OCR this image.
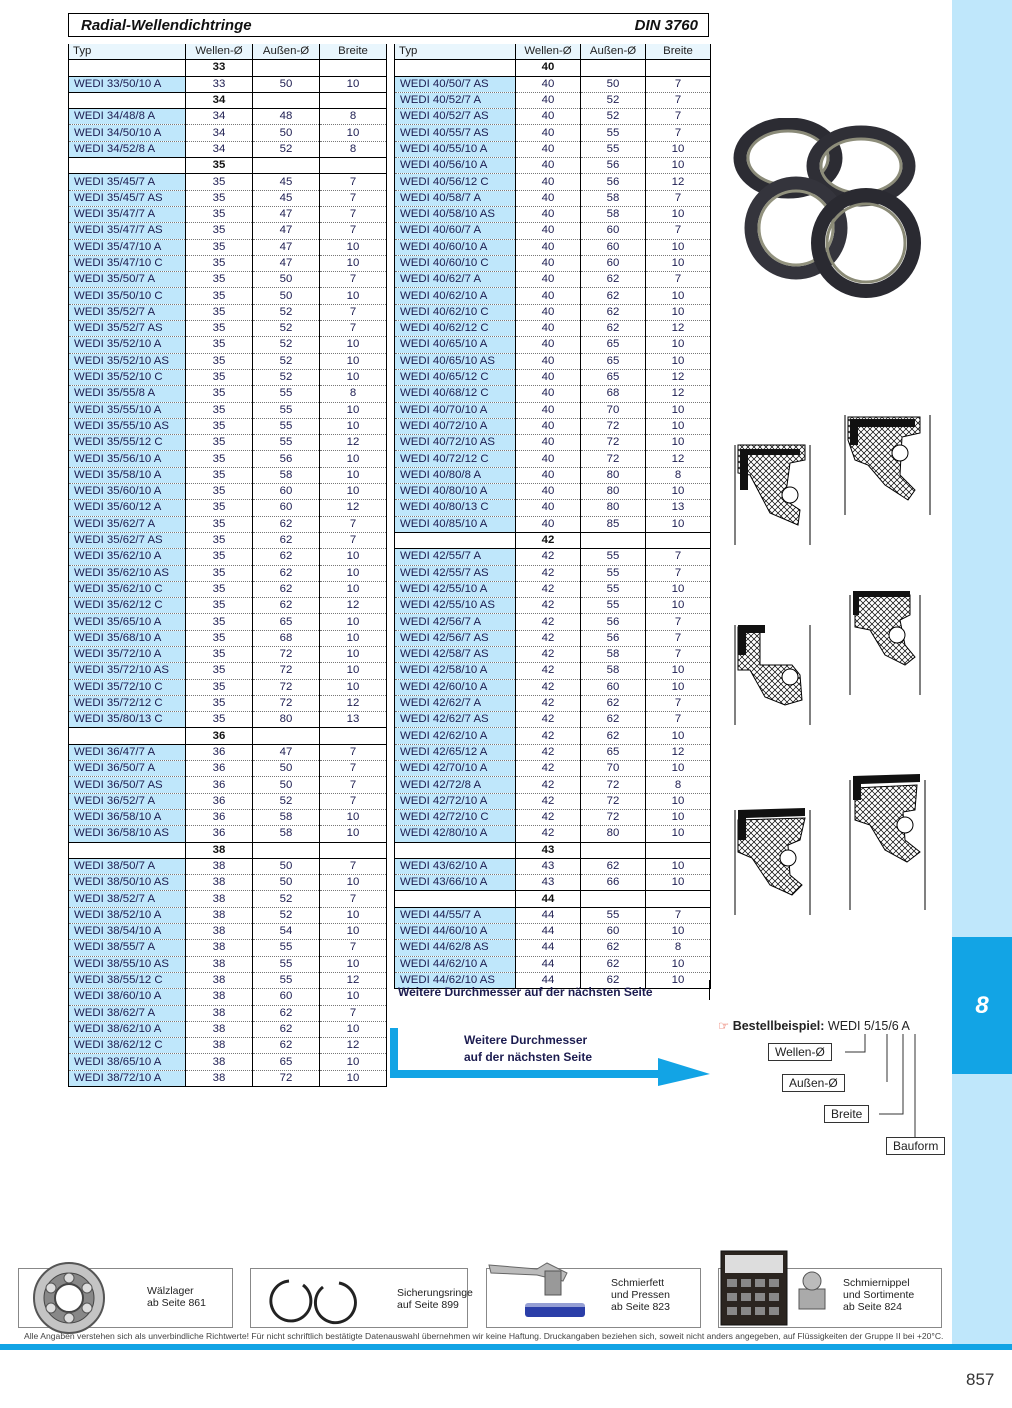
8
Radial-Wellendichtringe	DIN 3760
Typ	Wellen-Ø	Außen-Ø	Breite
	33		
WEDI 33/50/10 A	33	50	10
	34		
WEDI 34/48/8 A	34	48	8
WEDI 34/50/10 A	34	50	10
WEDI 34/52/8 A	34	52	8
	35		
WEDI 35/45/7 A	35	45	7
WEDI 35/45/7 AS	35	45	7
WEDI 35/47/7 A	35	47	7
WEDI 35/47/7 AS	35	47	7
WEDI 35/47/10 A	35	47	10
WEDI 35/47/10 C	35	47	10
WEDI 35/50/7 A	35	50	7
WEDI 35/50/10 C	35	50	10
WEDI 35/52/7 A	35	52	7
WEDI 35/52/7 AS	35	52	7
WEDI 35/52/10 A	35	52	10
WEDI 35/52/10 AS	35	52	10
WEDI 35/52/10 C	35	52	10
WEDI 35/55/8 A	35	55	8
WEDI 35/55/10 A	35	55	10
WEDI 35/55/10 AS	35	55	10
WEDI 35/55/12 C	35	55	12
WEDI 35/56/10 A	35	56	10
WEDI 35/58/10 A	35	58	10
WEDI 35/60/10 A	35	60	10
WEDI 35/60/12 A	35	60	12
WEDI 35/62/7 A	35	62	7
WEDI 35/62/7 AS	35	62	7
WEDI 35/62/10 A	35	62	10
WEDI 35/62/10 AS	35	62	10
WEDI 35/62/10 C	35	62	10
WEDI 35/62/12 C	35	62	12
WEDI 35/65/10 A	35	65	10
WEDI 35/68/10 A	35	68	10
WEDI 35/72/10 A	35	72	10
WEDI 35/72/10 AS	35	72	10
WEDI 35/72/10 C	35	72	10
WEDI 35/72/12 C	35	72	12
WEDI 35/80/13 C	35	80	13
	36		
WEDI 36/47/7 A	36	47	7
WEDI 36/50/7 A	36	50	7
WEDI 36/50/7 AS	36	50	7
WEDI 36/52/7 A	36	52	7
WEDI 36/58/10 A	36	58	10
WEDI 36/58/10 AS	36	58	10
	38		
WEDI 38/50/7 A	38	50	7
WEDI 38/50/10 AS	38	50	10
WEDI 38/52/7 A	38	52	7
WEDI 38/52/10 A	38	52	10
WEDI 38/54/10 A	38	54	10
WEDI 38/55/7 A	38	55	7
WEDI 38/55/10 AS	38	55	10
WEDI 38/55/12 C	38	55	12
WEDI 38/60/10 A	38	60	10
WEDI 38/62/7 A	38	62	7
WEDI 38/62/10 A	38	62	10
WEDI 38/62/12 C	38	62	12
WEDI 38/65/10 A	38	65	10
WEDI 38/72/10 A	38	72	10
Typ	Wellen-Ø	Außen-Ø	Breite
	40		
WEDI 40/50/7 AS	40	50	7
WEDI 40/52/7 A	40	52	7
WEDI 40/52/7 AS	40	52	7
WEDI 40/55/7 AS	40	55	7
WEDI 40/55/10 A	40	55	10
WEDI 40/56/10 A	40	56	10
WEDI 40/56/12 C	40	56	12
WEDI 40/58/7 A	40	58	7
WEDI 40/58/10 AS	40	58	10
WEDI 40/60/7 A	40	60	7
WEDI 40/60/10 A	40	60	10
WEDI 40/60/10 C	40	60	10
WEDI 40/62/7 A	40	62	7
WEDI 40/62/10 A	40	62	10
WEDI 40/62/10 C	40	62	10
WEDI 40/62/12 C	40	62	12
WEDI 40/65/10 A	40	65	10
WEDI 40/65/10 AS	40	65	10
WEDI 40/65/12 C	40	65	12
WEDI 40/68/12 C	40	68	12
WEDI 40/70/10 A	40	70	10
WEDI 40/72/10 A	40	72	10
WEDI 40/72/10 AS	40	72	10
WEDI 40/72/12 C	40	72	12
WEDI 40/80/8 A	40	80	8
WEDI 40/80/10 A	40	80	10
WEDI 40/80/13 C	40	80	13
WEDI 40/85/10 A	40	85	10
	42		
WEDI 42/55/7 A	42	55	7
WEDI 42/55/7 AS	42	55	7
WEDI 42/55/10 A	42	55	10
WEDI 42/55/10 AS	42	55	10
WEDI 42/56/7 A	42	56	7
WEDI 42/56/7 AS	42	56	7
WEDI 42/58/7 AS	42	58	7
WEDI 42/58/10 A	42	58	10
WEDI 42/60/10 A	42	60	10
WEDI 42/62/7 A	42	62	7
WEDI 42/62/7 AS	42	62	7
WEDI 42/62/10 A	42	62	10
WEDI 42/65/12 A	42	65	12
WEDI 42/70/10 A	42	70	10
WEDI 42/72/8 A	42	72	8
WEDI 42/72/10 A	42	72	10
WEDI 42/72/10 C	42	72	10
WEDI 42/80/10 A	42	80	10
	43		
WEDI 43/62/10 A	43	62	10
WEDI 43/66/10 A	43	66	10
	44		
WEDI 44/55/7 A	44	55	7
WEDI 44/60/10 A	44	60	10
WEDI 44/62/8 AS	44	62	8
WEDI 44/62/10 A	44	62	10
WEDI 44/62/10 AS	44	62	10
Weitere Durchmesser auf der nächsten Seite
Weitere Durchmesser
auf der nächsten Seite
☞ Bestellbeispiel: WEDI 5/15/6 A
Wellen-Ø
Außen-Ø
Breite
Bauform
Wälzlager
ab Seite 861
Sicherungsringe
auf Seite 899
Schmierfett
und Pressen
ab Seite 823
Schmiernippel
und Sortimente
ab Seite 824
Alle Angaben verstehen sich als unverbindliche Richtwerte! Für nicht schriftlich bestätigte Datenauswahl übernehmen wir keine Haftung. Druckangaben beziehen sich, soweit nicht anders angegeben, auf Flüssigkeiten der Gruppe II bei +20°C.
857
